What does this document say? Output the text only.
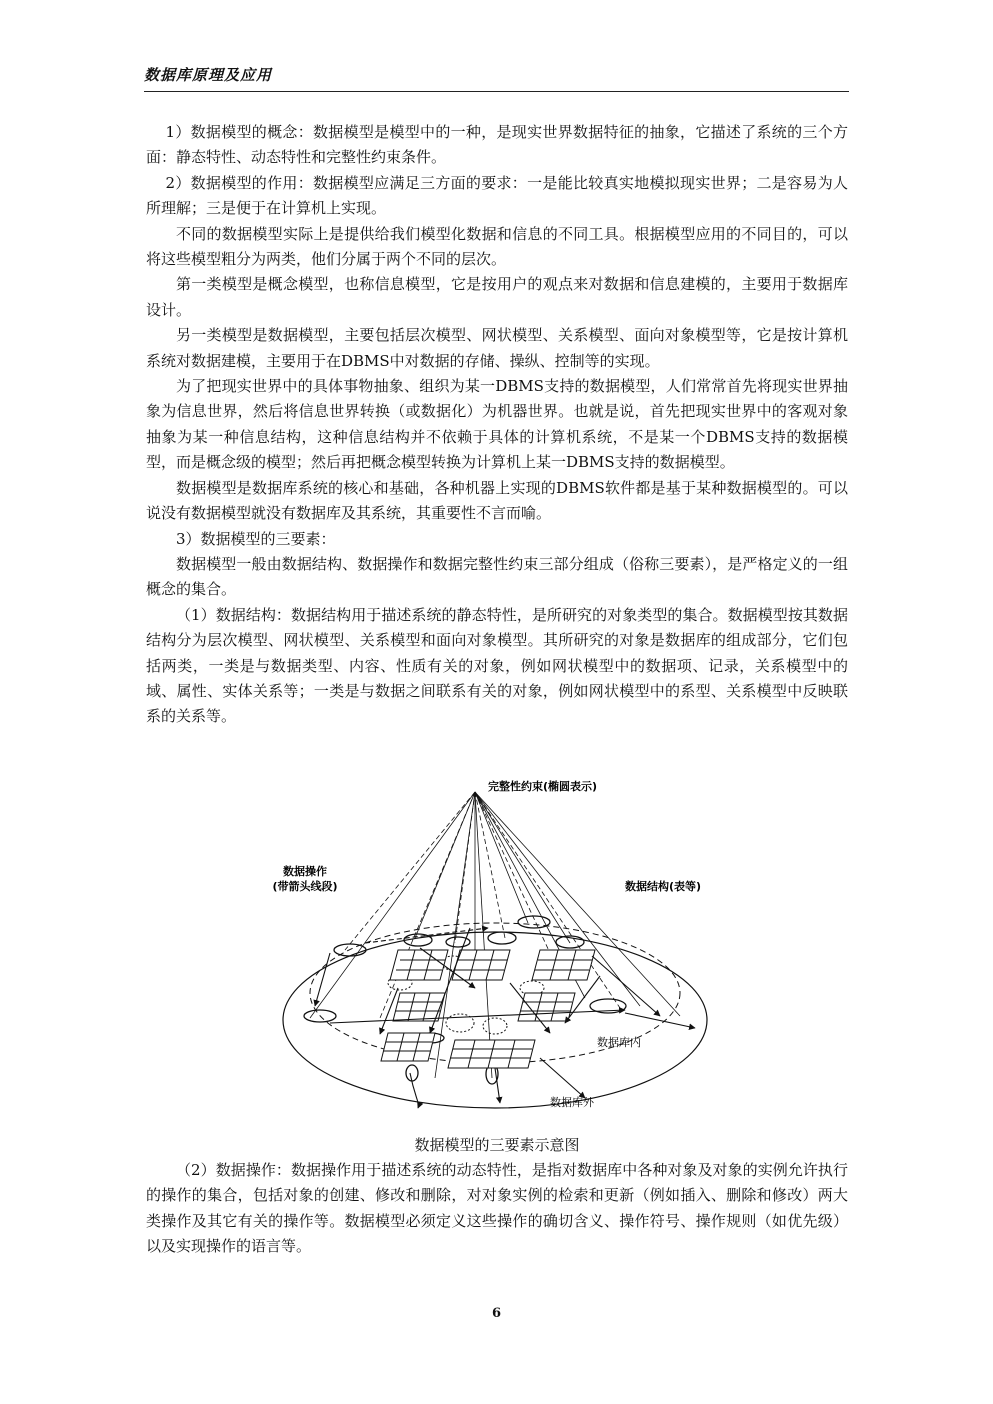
数据库原理及应用

1）数据模型的概念：数据模型是模型中的一种，是现实世界数据特征的抽象，它描述了系统的三个方面：静态特性、动态特性和完整性约束条件。

2）数据模型的作用：数据模型应满足三方面的要求：一是能比较真实地模拟现实世界；二是容易为人所理解；三是便于在计算机上实现。

不同的数据模型实际上是提供给我们模型化数据和信息的不同工具。根据模型应用的不同目的，可以将这些模型粗分为两类，他们分属于两个不同的层次。

第一类模型是概念模型，也称信息模型，它是按用户的观点来对数据和信息建模的，主要用于数据库设计。

另一类模型是数据模型，主要包括层次模型、网状模型、关系模型、面向对象模型等，它是按计算机系统对数据建模，主要用于在DBMS中对数据的存储、操纵、控制等的实现。

为了把现实世界中的具体事物抽象、组织为某一DBMS支持的数据模型，人们常常首先将现实世界抽象为信息世界，然后将信息世界转换（或数据化）为机器世界。也就是说，首先把现实世界中的客观对象抽象为某一种信息结构，这种信息结构并不依赖于具体的计算机系统，不是某一个DBMS支持的数据模型，而是概念级的模型；然后再把概念模型转换为计算机上某一DBMS支持的数据模型。

数据模型是数据库系统的核心和基础，各种机器上实现的DBMS软件都是基于某种数据模型的。可以说没有数据模型就没有数据库及其系统，其重要性不言而喻。

3）数据模型的三要素：

数据模型一般由数据结构、数据操作和数据完整性约束三部分组成（俗称三要素），是严格定义的一组概念的集合。

（1）数据结构：数据结构用于描述系统的静态特性，是所研究的对象类型的集合。数据模型按其数据结构分为层次模型、网状模型、关系模型和面向对象模型。其所研究的对象是数据库的组成部分，它们包括两类，一类是与数据类型、内容、性质有关的对象，例如网状模型中的数据项、记录，关系模型中的域、属性、实体关系等；一类是与数据之间联系有关的对象，例如网状模型中的系型、关系模型中反映联系的关系等。

完整性约束(椭圆表示)
数据操作
(带箭头线段)	数据结构(表等)
数据库内
数据库外
数据模型的三要素示意图

（2）数据操作：数据操作用于描述系统的动态特性，是指对数据库中各种对象及对象的实例允许执行的操作的集合，包括对象的创建、修改和删除，对对象实例的检索和更新（例如插入、删除和修改）两大类操作及其它有关的操作等。数据模型必须定义这些操作的确切含义、操作符号、操作规则（如优先级）以及实现操作的语言等。

6
